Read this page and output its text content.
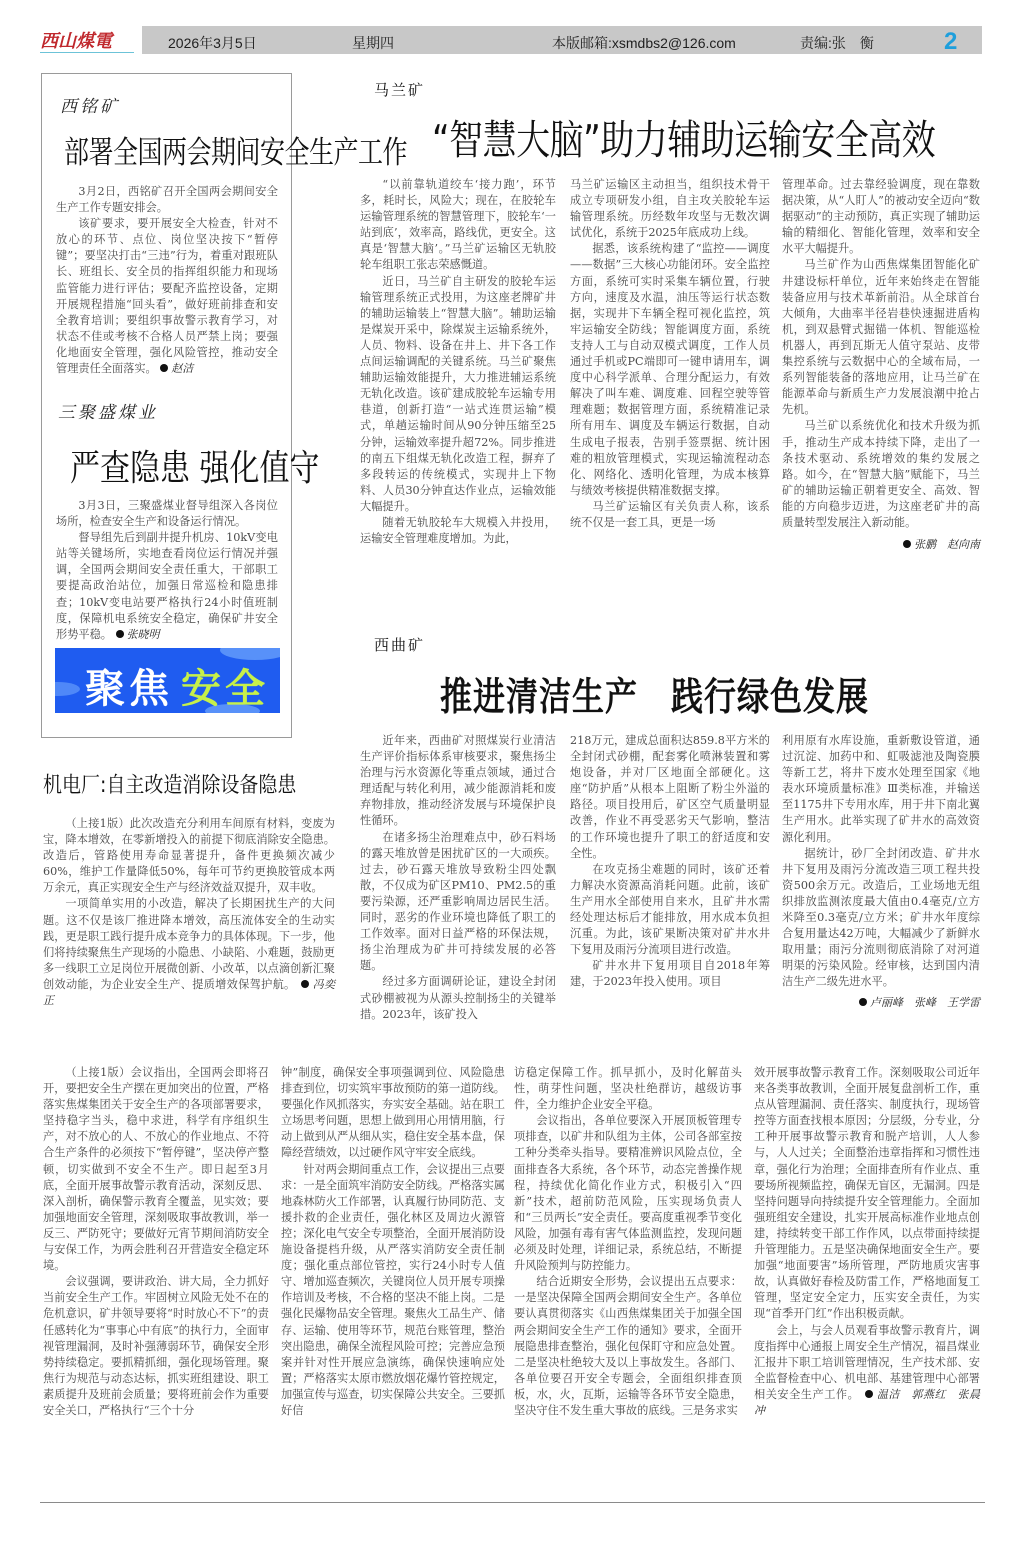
西山煤電	2026年3月5日	星期四	本版邮箱:xsmdbs2@126.com	责编:张　衡	2
西铭矿
部署全国两会期间安全生产工作

3月2日，西铭矿召开全国两会期间安全生产工作专题安排会。

该矿要求，要开展安全大检查，针对不放心的环节、点位、岗位坚决按下“暂停键”；要坚决打击“三违”行为，着重对跟班队长、班组长、安全员的指挥组织能力和现场监管能力进行评估；要配齐监控设备，定期开展规程措施“回头看”，做好班前排查和安全教育培训；要组织事故警示教育学习，对状态不佳或考核不合格人员严禁上岗；要强化地面安全管理，强化风险管控，推动安全管理责任全面落实。 赵洁

三聚盛煤业
严查隐患 强化值守

3月3日，三聚盛煤业督导组深入各岗位场所，检查安全生产和设备运行情况。

督导组先后到副井提升机房、10kV变电站等关键场所，实地查看岗位运行情况并强调，全国两会期间安全责任重大，干部职工要提高政治站位，加强日常巡检和隐患排查；10kV变电站要严格执行24小时值班制度，保障机电系统安全稳定，确保矿井安全形势平稳。 张晓明

聚焦 安全
机电厂:自主改造消除设备隐患

（上接1版）此次改造充分利用车间原有材料，变废为宝，降本增效，在零新增投入的前提下彻底消除安全隐患。改造后，管路使用寿命显著提升，备件更换频次减少60%，维护工作量降低50%，每年可节约更换胶管成本两万余元，真正实现安全生产与经济效益双提升，双丰收。

一项简单实用的小改造，解决了长期困扰生产的大问题。这不仅是该厂推进降本增效，高压流体安全的生动实践，更是职工践行提升成本竞争力的具体体现。下一步，他们将持续聚焦生产现场的小隐患、小缺陷、小难题，鼓励更多一线职工立足岗位开展微创新、小改革，以点滴创新汇聚创效动能，为企业安全生产、提质增效保驾护航。　 冯奕正

马兰矿
“智慧大脑”助力辅助运输安全高效

“以前靠轨道绞车‘接力跑’，环节多，耗时长，风险大；现在，在胶轮车运输管理系统的智慧管理下，胶轮车‘一站到底’，效率高，路线优，更安全。这真是‘智慧大脑’。”马兰矿运输区无轨胶轮车组职工张志荣感慨道。

近日，马兰矿自主研发的胶轮车运输管理系统正式投用，为这座老牌矿井的辅助运输装上“智慧大脑”。辅助运输是煤炭开采中，除煤炭主运输系统外，人员、物料、设备在井上、井下各工作点间运输调配的关键系统。马兰矿聚焦辅助运输效能提升，大力推进辅运系统无轨化改造。该矿建成胶轮车运输专用巷道，创新打造“一站式连贯运输”模式，单趟运输时间从90分钟压缩至25分钟，运输效率提升超72%。同步推进的南五下组煤无轨化改造工程，摒弃了多段转运的传统模式，实现井上下物料、人员30分钟直达作业点，运输效能大幅提升。

随着无轨胶轮车大规模入井投用，运输安全管理难度增加。为此，

马兰矿运输区主动担当，组织技术骨干成立专项研发小组，自主攻关胶轮车运输管理系统。历经数年攻坚与无数次调试优化，系统于2025年底成功上线。

据悉，该系统构建了“监控——调度——数据”三大核心功能闭环。安全监控方面，系统可实时采集车辆位置，行驶方向，速度及水温，油压等运行状态数据，实现井下车辆全程可视化监控，筑牢运输安全防线；智能调度方面，系统支持人工与自动双模式调度，工作人员通过手机或PC端即可一键申请用车，调度中心科学派单、合理分配运力，有效解决了叫车难、调度难、回程空驶等管理难题；数据管理方面，系统精准记录所有用车、调度及车辆运行数据，自动生成电子报表，告别手签票据、统计困难的粗放管理模式，实现运输流程动态化、网络化、透明化管理，为成本核算与绩效考核提供精准数据支撑。

马兰矿运输区有关负责人称，该系统不仅是一套工具，更是一场

管理革命。过去靠经验调度，现在靠数据决策，从“人盯人”的被动安全迈向“数据驱动”的主动预防，真正实现了辅助运输的精细化、智能化管理，效率和安全水平大幅提升。

马兰矿作为山西焦煤集团智能化矿井建设标杆单位，近年来始终走在智能装备应用与技术革新前沿。从全球首台大倾角，大曲率半径岩巷快速掘进盾构机，到双悬臂式掘锚一体机、智能巡检机器人，再到瓦斯无人值守泵站、皮带集控系统与云数据中心的全域布局，一系列智能装备的落地应用，让马兰矿在能源革命与新质生产力发展浪潮中抢占先机。

马兰矿以系统优化和技术升级为抓手，推动生产成本持续下降，走出了一条技术驱动、系统增效的集约发展之路。如今，在“智慧大脑”赋能下，马兰矿的辅助运输正朝着更安全、高效、智能的方向稳步迈进，为这座老矿井的高质量转型发展注入新动能。

张鹏　赵向南
西曲矿
推进清洁生产　践行绿色发展

近年来，西曲矿对照煤炭行业清洁生产评价指标体系审核要求，聚焦扬尘治理与污水资源化等重点领域，通过合理适配与转化利用，减少能源消耗和废弃物排放，推动经济发展与环境保护良性循环。

在诸多扬尘治理难点中，砂石料场的露天堆放曾是困扰矿区的一大顽疾。过去，砂石露天堆放导致粉尘四处飘散，不仅成为矿区PM10、PM2.5的重要污染源，还严重影响周边居民生活。同时，恶劣的作业环境也降低了职工的工作效率。面对日益严格的环保法规，扬尘治理成为矿井可持续发展的必答题。

经过多方面调研论证，建设全封闭式砂棚被视为从源头控制扬尘的关键举措。2023年，该矿投入

218万元，建成总面积达859.8平方米的全封闭式砂棚，配套雾化喷淋装置和雾炮设备，并对厂区地面全部硬化。这座“防护盾”从根本上阻断了粉尘外溢的路径。项目投用后，矿区空气质量明显改善，作业不再受恶劣天气影响，整洁的工作环境也提升了职工的舒适度和安全性。

在攻克扬尘难题的同时，该矿还着力解决水资源高消耗问题。此前，该矿生产用水全部使用自来水，且矿井水需经处理达标后才能排放，用水成本负担沉重。为此，该矿果断决策对矿井水井下复用及雨污分流项目进行改造。

矿井水井下复用项目自2018年筹建，于2023年投入使用。项目

利用原有水库设施，重新敷设管道，通过沉淀、加药中和、虹吸滤池及陶瓷膜等新工艺，将井下废水处理至国家《地表水环境质量标准》Ⅲ类标准，并输送至1175井下专用水库，用于井下南北翼生产用水。此举实现了矿井水的高效资源化利用。

据统计，砂厂全封闭改造、矿井水井下复用及雨污分流改造三项工程共投资500余万元。改造后，工业场地无组织排放监测浓度最大值由0.4毫克/立方米降至0.3毫克/立方米；矿井水年度综合复用量达42万吨，大幅减少了新鲜水取用量；雨污分流则彻底消除了对河道明渠的污染风险。经审核，达到国内清洁生产二级先进水平。

卢丽峰　张峰　王学雷

（上接1版）会议指出，全国两会即将召开，要把安全生产摆在更加突出的位置，严格落实焦煤集团关于安全生产的各项部署要求，坚持稳字当头，稳中求进，科学有序组织生产，对不放心的人、不放心的作业地点、不符合生产条件的必须按下“暂停键”，坚决停产整顿，切实做到不安全不生产。即日起至3月底，全面开展事故警示教育活动，深刻反思、深入剖析，确保警示教育全覆盖，见实效；要加强地面安全管理，深刻吸取事故教训，举一反三、严防死守；要做好元宵节期间消防安全与安保工作，为两会胜利召开营造安全稳定环境。

会议强调，要讲政治、讲大局，全力抓好当前安全生产工作。牢固树立风险无处不在的危机意识，矿井领导要将“时时放心不下”的责任感转化为“事事心中有底”的执行力，全面审视管理漏洞，及时补强薄弱环节，确保安全形势持续稳定。要抓精抓细，强化现场管理。聚焦行为规范与动态达标，抓实班组建设、职工素质提升及班前会质量；要将班前会作为重要安全关口，严格执行“三个十分

钟”制度，确保安全事项强调到位、风险隐患排查到位，切实筑牢事故预防的第一道防线。要强化作风抓落实，夯实安全基础。站在职工立场思考问题，思想上做到用心用情用脑，行动上做到从严从细从实，稳住安全基本盘，保障经营绩效，以过硬作风守牢安全底线。

针对两会期间重点工作，会议提出三点要求：一是全面筑牢消防安全防线。严格落实属地森林防火工作部署，认真履行协同防范、支援扑救的企业责任，强化林区及周边火源管控；深化电气安全专项整治，全面开展消防设施设备提档升级，从严落实消防安全责任制度；强化重点部位管控，实行24小时专人值守、增加巡查频次，关键岗位人员开展专项操作培训及考核，不合格的坚决不能上岗。二是强化民爆物品安全管理。聚焦火工品生产、储存、运输、使用等环节，规范台账管理，整治突出隐患，确保全流程风险可控；完善应急预案并针对性开展应急演练，确保快速响应处置；严格落实太原市燃放烟花爆竹管控规定，加强宣传与巡查，切实保障公共安全。三要抓好信

访稳定保障工作。抓早抓小，及时化解苗头性，萌芽性问题，坚决杜绝群访，越级访事件，全力维护企业安全平稳。

会议指出，各单位要深入开展顶板管理专项排查，以矿井和队组为主体，公司各部室按工种分类牵头指导。要精准辨识风险点位，全面排查各大系统，各个环节，动态完善操作规程，持续优化简化作业方式，积极引入“四新”技术，超前防范风险，压实现场负责人和“三员两长”安全责任。要高度重视季节变化风险，加强有毒有害气体监测监控，发现问题必须及时处理，详细记录，系统总结，不断提升风险预判与防控能力。

结合近期安全形势，会议提出五点要求：一是坚决保障全国两会期间安全生产。各单位要认真贯彻落实《山西焦煤集团关于加强全国两会期间安全生产工作的通知》要求，全面开展隐患排查整治，强化包保盯守和应急处置。二是坚决杜绝较大及以上事故发生。各部门、各单位要召开安全专题会，全面组织排查顶板，水，火，瓦斯，运输等各环节安全隐患，坚决守住不发生重大事故的底线。三是务求实

效开展事故警示教育工作。深刻吸取公司近年来各类事故教训，全面开展复盘剖析工作，重点从管理漏洞、责任落实、制度执行，现场管控等方面查找根本原因；分层级，分专业，分工种开展事故警示教育和脱产培训，人人参与，人人过关；全面整治违章指挥和习惯性违章，强化行为治理；全面排查所有作业点、重要场所视频监控，确保无盲区，无漏洞。四是坚持问题导向持续提升安全管理能力。全面加强班组安全建设，扎实开展高标准作业地点创建，持续转变干部工作作风，以点带面持续提升管理能力。五是坚决确保地面安全生产。要加强“地面要害”场所管理，严防地质灾害事故，认真做好春检及防雷工作，严格地面复工管理，坚定安全定力，压实安全责任，为实现“首季开门红”作出积极贡献。

会上，与会人员观看事故警示教育片，调度指挥中心通报上周安全生产情况，福昌煤业汇报井下职工培训管理情况，生产技术部、安全监督检查中心、机电部、基建管理中心部署相关安全生产工作。　 温洁　郭燕红　张晨冲
